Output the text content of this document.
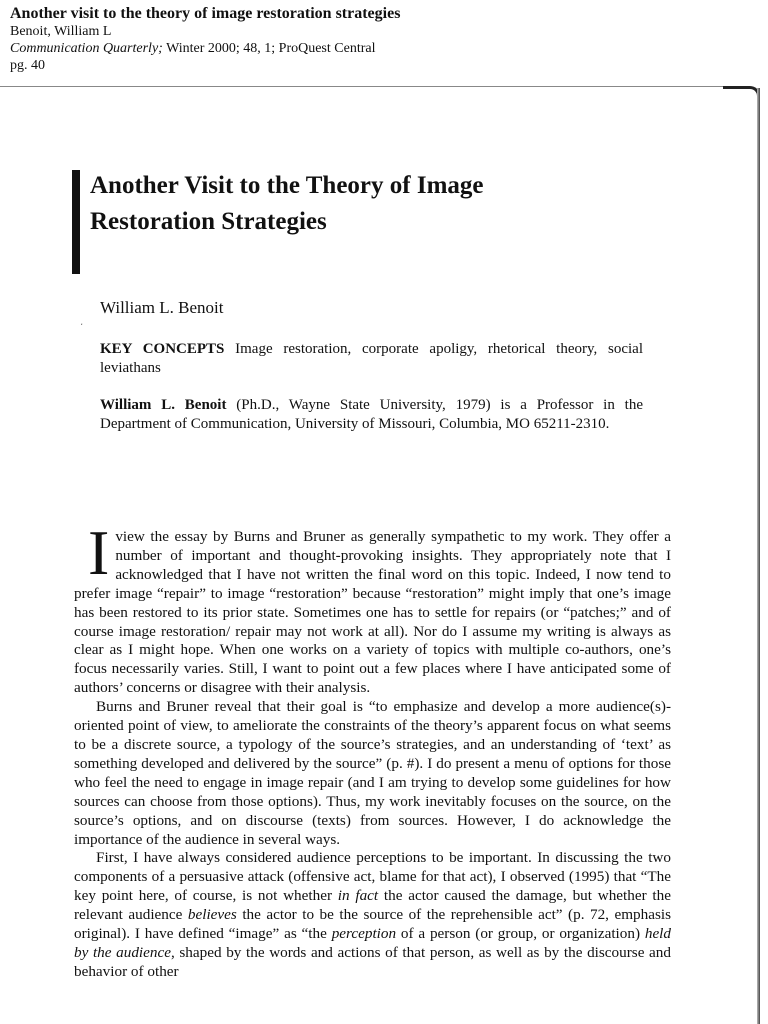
Another visit to the theory of image restoration strategies
Benoit, William L
Communication Quarterly; Winter 2000; 48, 1; ProQuest Central
pg. 40
Another Visit to the Theory of Image
Restoration Strategies
William L. Benoit
ˑ
KEY CONCEPTS Image restoration, corporate apoligy, rhetorical theory, social leviathans
William L. Benoit (Ph.D., Wayne State University, 1979) is a Professor in the Department of Communication, University of Missouri, Columbia, MO 65211-2310.

Iview the essay by Burns and Bruner as generally sympathetic to my work. They offer a number of important and thought-provoking insights. They appropriately note that I acknowledged that I have not written the final word on this topic. Indeed, I now tend to prefer image “repair” to image “restoration” because “restoration” might imply that one’s image has been restored to its prior state. Sometimes one has to settle for repairs (or “patches;” and of course image restoration/ repair may not work at all). Nor do I assume my writing is always as clear as I might hope. When one works on a variety of topics with multiple co-authors, one’s focus necessarily varies. Still, I want to point out a few places where I have anticipated some of authors’ concerns or disagree with their analysis.

Burns and Bruner reveal that their goal is “to emphasize and develop a more audience(s)-oriented point of view, to ameliorate the constraints of the theory’s apparent focus on what seems to be a discrete source, a typology of the source’s strategies, and an understanding of ‘text’ as something developed and delivered by the source” (p. #). I do present a menu of options for those who feel the need to engage in image repair (and I am trying to develop some guidelines for how sources can choose from those options). Thus, my work inevitably focuses on the source, on the source’s options, and on discourse (texts) from sources. However, I do acknowledge the importance of the audience in several ways.

First, I have always considered audience perceptions to be important. In discussing the two components of a persuasive attack (offensive act, blame for that act), I observed (1995) that “The key point here, of course, is not whether in fact the actor caused the damage, but whether the relevant audience believes the actor to be the source of the reprehensible act” (p. 72, emphasis original). I have defined “image” as “the perception of a person (or group, or organization) held by the audience, shaped by the words and actions of that person, as well as by the discourse and behavior of other
